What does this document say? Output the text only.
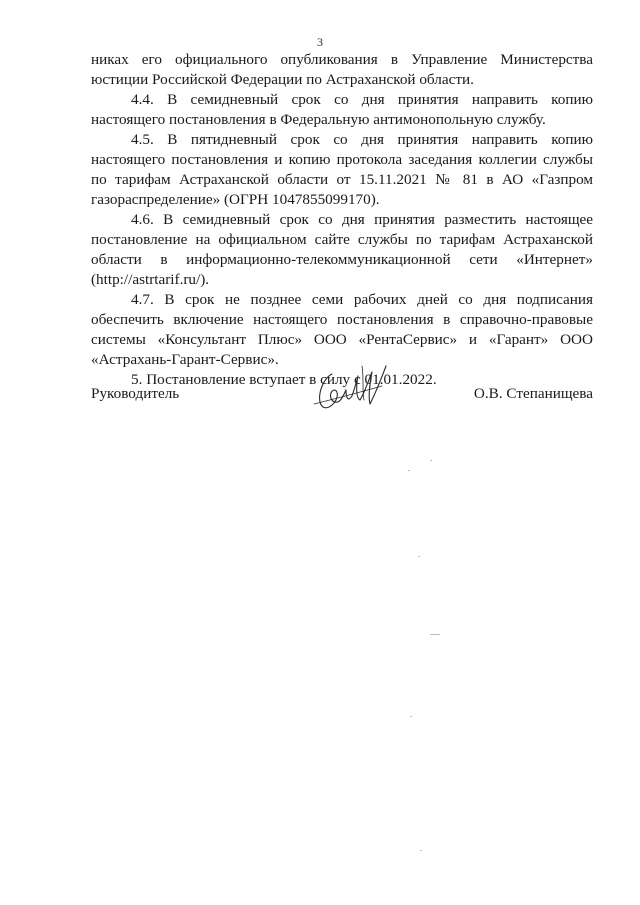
3

никах его официального опубликования в Управление Министерства юстиции Российской Федерации по Астраханской области.

4.4. В семидневный срок со дня принятия направить копию настоящего постановления в Федеральную антимонопольную службу.

4.5. В пятидневный срок со дня принятия направить копию настоящего постановления и копию протокола заседания коллегии службы по тарифам Астраханской области от 15.11.2021 № 81 в АО «Газпром газораспределение» (ОГРН 1047855099170).

4.6. В семидневный срок со дня принятия разместить настоящее постановление на официальном сайте службы по тарифам Астраханской области в информационно-телекоммуникационной сети «Интернет» (http://astrtarif.ru/).

4.7. В срок не позднее семи рабочих дней со дня подписания обеспечить включение настоящего постановления в справочно-правовые системы «Консультант Плюс» ООО «РентаСервис» и «Гарант» ООО «Астрахань-Гарант-Сервис».

5. Постановление вступает в силу с 01.01.2022.

Руководитель	О.В. Степанищева
